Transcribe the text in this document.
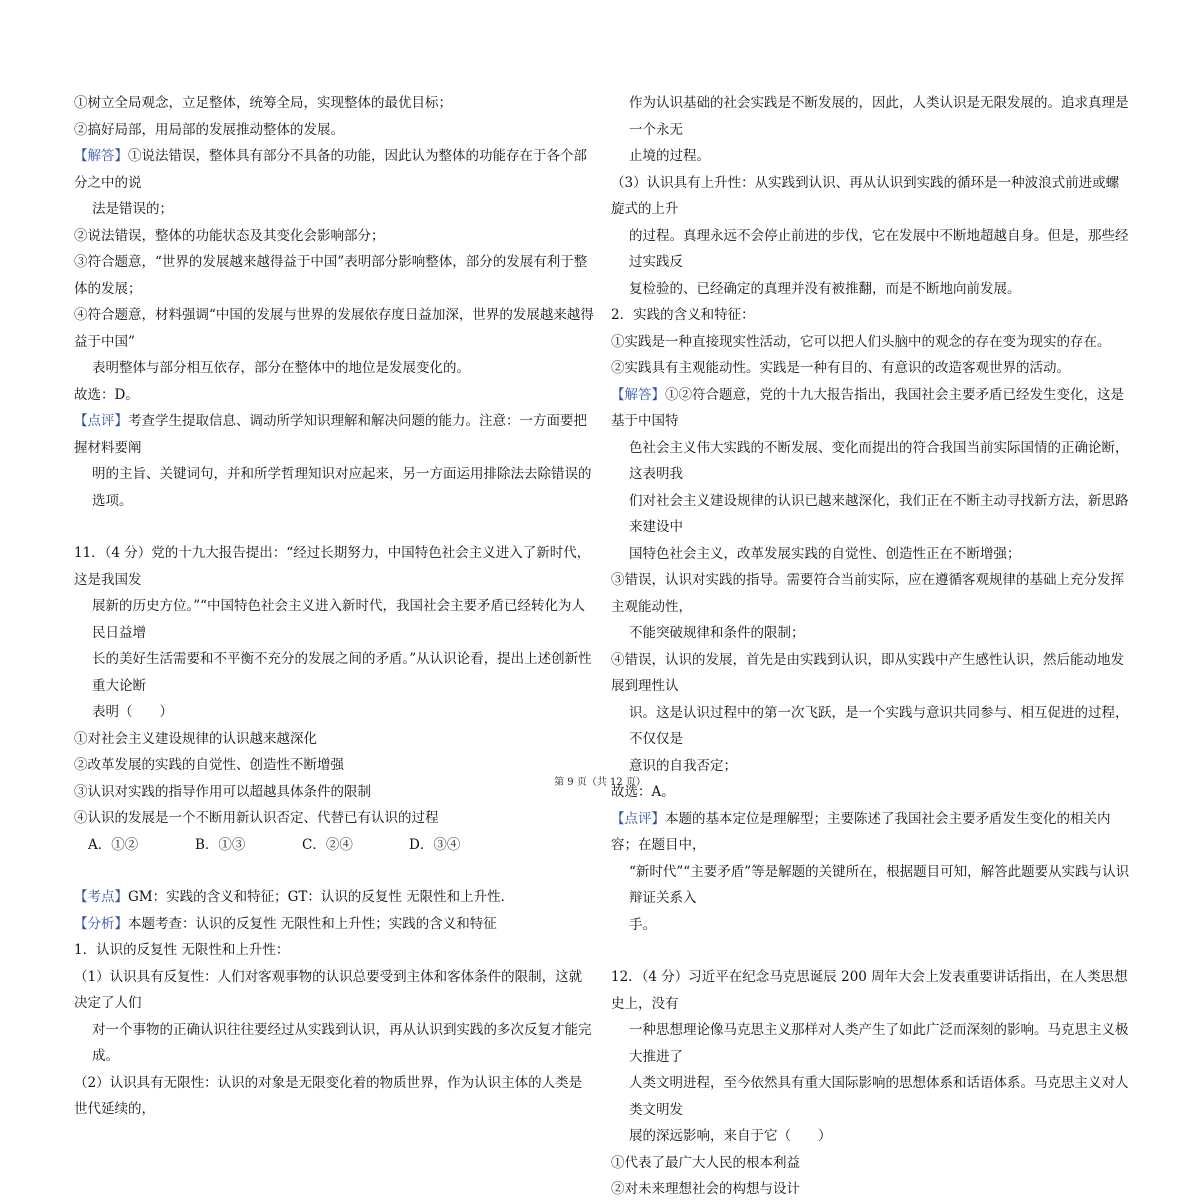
①树立全局观念，立足整体，统筹全局，实现整体的最优目标；

②搞好局部，用局部的发展推动整体的发展。

【解答】①说法错误，整体具有部分不具备的功能，因此认为整体的功能存在于各个部分之中的说

法是错误的；

②说法错误，整体的功能状态及其变化会影响部分；

③符合题意，“世界的发展越来越得益于中国”表明部分影响整体，部分的发展有利于整体的发展；

④符合题意，材料强调“中国的发展与世界的发展依存度日益加深，世界的发展越来越得益于中国”

表明整体与部分相互依存，部分在整体中的地位是发展变化的。

故选：D。

【点评】考查学生提取信息、调动所学知识理解和解决问题的能力。注意：一方面要把握材料要阐

明的主旨、关键词句，并和所学哲理知识对应起来，另一方面运用排除法去除错误的选项。

11．（4 分）党的十九大报告提出：“经过长期努力，中国特色社会主义进入了新时代，这是我国发

展新的历史方位。”“中国特色社会主义进入新时代，我国社会主要矛盾已经转化为人民日益增

长的美好生活需要和不平衡不充分的发展之间的矛盾。”从认识论看，提出上述创新性重大论断

表明（　　）

①对社会主义建设规律的认识越来越深化

②改革发展的实践的自觉性、创造性不断增强

③认识对实践的指导作用可以超越具体条件的限制

④认识的发展是一个不断用新认识否定、代替已有认识的过程

A．①②	B．①③	C．②④	D．③④

【考点】GM：实践的含义和特征；GT：认识的反复性 无限性和上升性．

【分析】本题考查：认识的反复性 无限性和上升性；实践的含义和特征

1．认识的反复性 无限性和上升性：

（1）认识具有反复性：人们对客观事物的认识总要受到主体和客体条件的限制，这就决定了人们

对一个事物的正确认识往往要经过从实践到认识，再从认识到实践的多次反复才能完成。

（2）认识具有无限性：认识的对象是无限变化着的物质世界，作为认识主体的人类是世代延续的，

作为认识基础的社会实践是不断发展的，因此，人类认识是无限发展的。追求真理是一个永无

止境的过程。

（3）认识具有上升性：从实践到认识、再从认识到实践的循环是一种波浪式前进或螺旋式的上升

的过程。真理永远不会停止前进的步伐，它在发展中不断地超越自身。但是，那些经过实践反

复检验的、已经确定的真理并没有被推翻，而是不断地向前发展。

2．实践的含义和特征：

①实践是一种直接现实性活动，它可以把人们头脑中的观念的存在变为现实的存在。

②实践具有主观能动性。实践是一种有目的、有意识的改造客观世界的活动。

【解答】①②符合题意，党的十九大报告指出，我国社会主要矛盾已经发生变化，这是基于中国特

色社会主义伟大实践的不断发展、变化而提出的符合我国当前实际国情的正确论断，这表明我

们对社会主义建设规律的认识已越来越深化，我们正在不断主动寻找新方法，新思路来建设中

国特色社会主义，改革发展实践的自觉性、创造性正在不断增强；

③错误，认识对实践的指导。需要符合当前实际，应在遵循客观规律的基础上充分发挥主观能动性，

不能突破规律和条件的限制；

④错误，认识的发展，首先是由实践到认识，即从实践中产生感性认识，然后能动地发展到理性认

识。这是认识过程中的第一次飞跃，是一个实践与意识共同参与、相互促进的过程，不仅仅是

意识的自我否定；

故选：A。

【点评】本题的基本定位是理解型；主要陈述了我国社会主要矛盾发生变化的相关内容；在题目中，

“新时代”“主要矛盾”等是解题的关键所在，根据题目可知，解答此题要从实践与认识辩证关系入

手。

12．（4 分）习近平在纪念马克思诞辰 200 周年大会上发表重要讲话指出，在人类思想史上，没有

一种思想理论像马克思主义那样对人类产生了如此广泛而深刻的影响。马克思主义极大推进了

人类文明进程，至今依然具有重大国际影响的思想体系和话语体系。马克思主义对人类文明发

展的深远影响，来自于它（　　）

①代表了最广大人民的根本利益

②对未来理想社会的构想与设计

第 9 页（共 12 页）
